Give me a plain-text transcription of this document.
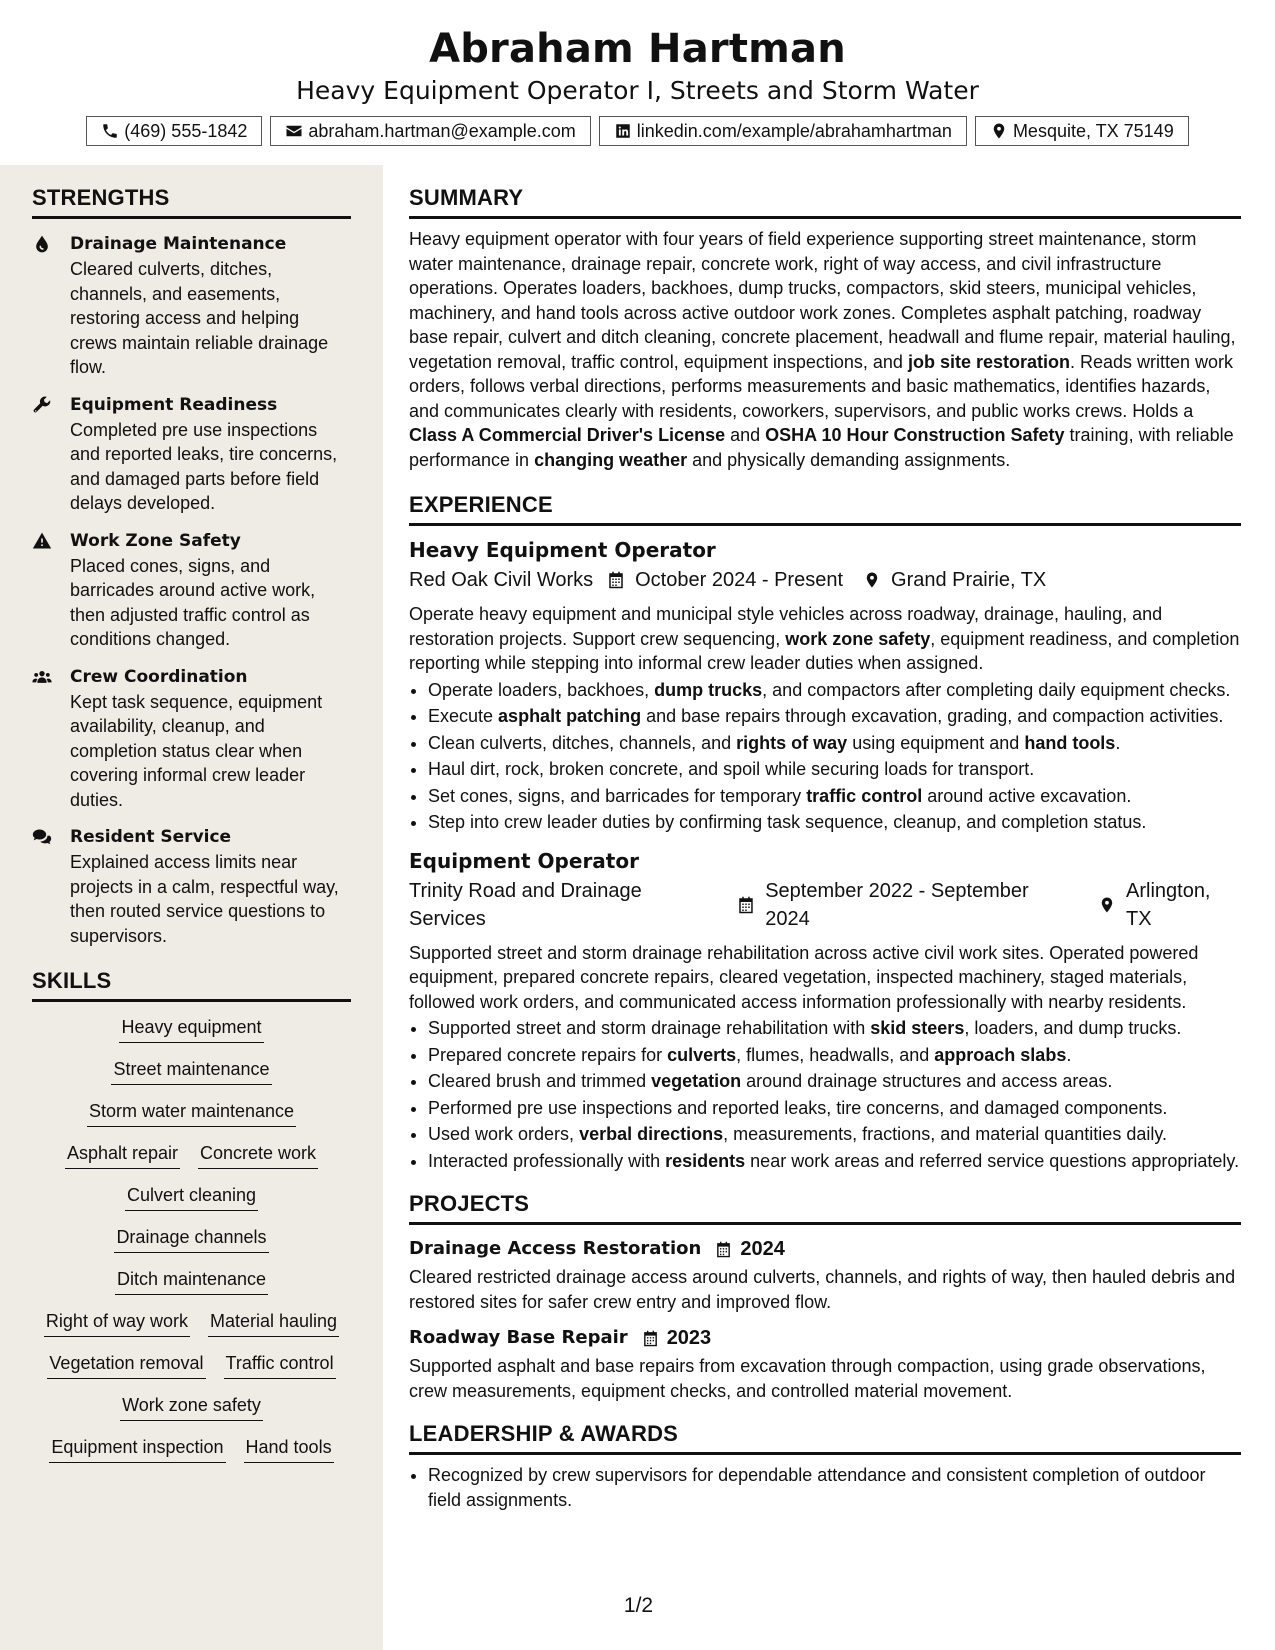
Abraham Hartman
Heavy Equipment Operator I, Streets and Storm Water
(469) 555-1842	abraham.hartman@example.com	linkedin.com/example/abrahamhartman	Mesquite, TX 75149
STRENGTHS
Drainage Maintenance
Cleared culverts, ditches, channels, and easements, restoring access and helping crews maintain reliable drainage flow.
Equipment Readiness
Completed pre use inspections and reported leaks, tire concerns, and damaged parts before field delays developed.
Work Zone Safety
Placed cones, signs, and barricades around active work, then adjusted traffic control as conditions changed.
Crew Coordination
Kept task sequence, equipment availability, cleanup, and completion status clear when covering informal crew leader duties.
Resident Service
Explained access limits near projects in a calm, respectful way, then routed service questions to supervisors.
SKILLS
Heavy equipment
Street maintenance
Storm water maintenance
Asphalt repair Concrete work
Culvert cleaning
Drainage channels
Ditch maintenance
Right of way work Material hauling
Vegetation removal Traffic control
Work zone safety
Equipment inspection Hand tools
SUMMARY

Heavy equipment operator with four years of field experience supporting street maintenance, storm water maintenance, drainage repair, concrete work, right of way access, and civil infrastructure operations. Operates loaders, backhoes, dump trucks, compactors, skid steers, municipal vehicles, machinery, and hand tools across active outdoor work zones. Completes asphalt patching, roadway base repair, culvert and ditch cleaning, concrete placement, headwall and flume repair, material hauling, vegetation removal, traffic control, equipment inspections, and job site restoration. Reads written work orders, follows verbal directions, performs measurements and basic mathematics, identifies hazards, and communicates clearly with residents, coworkers, supervisors, and public works crews. Holds a Class A Commercial Driver's License and OSHA 10 Hour Construction Safety training, with reliable performance in changing weather and physically demanding assignments.

EXPERIENCE
Heavy Equipment Operator
Red Oak Civil Works October 2024 - Present Grand Prairie, TX

Operate heavy equipment and municipal style vehicles across roadway, drainage, hauling, and restoration projects. Support crew sequencing, work zone safety, equipment readiness, and completion reporting while stepping into informal crew leader duties when assigned.

• Operate loaders, backhoes, dump trucks, and compactors after completing daily equipment checks.
• Execute asphalt patching and base repairs through excavation, grading, and compaction activities.
• Clean culverts, ditches, channels, and rights of way using equipment and hand tools.
• Haul dirt, rock, broken concrete, and spoil while securing loads for transport.
• Set cones, signs, and barricades for temporary traffic control around active excavation.
• Step into crew leader duties by confirming task sequence, cleanup, and completion status.
Equipment Operator
Trinity Road and Drainage Services
September 2022 - September 2024
Arlington, TX

Supported street and storm drainage rehabilitation across active civil work sites. Operated powered equipment, prepared concrete repairs, cleared vegetation, inspected machinery, staged materials, followed work orders, and communicated access information professionally with nearby residents.

• Supported street and storm drainage rehabilitation with skid steers, loaders, and dump trucks.
• Prepared concrete repairs for culverts, flumes, headwalls, and approach slabs.
• Cleared brush and trimmed vegetation around drainage structures and access areas.
• Performed pre use inspections and reported leaks, tire concerns, and damaged components.
• Used work orders, verbal directions, measurements, fractions, and material quantities daily.
• Interacted professionally with residents near work areas and referred service questions appropriately.
PROJECTS
Drainage Access Restoration 2024

Cleared restricted drainage access around culverts, channels, and rights of way, then hauled debris and restored sites for safer crew entry and improved flow.

Roadway Base Repair 2023

Supported asphalt and base repairs from excavation through compaction, using grade observations, crew measurements, equipment checks, and controlled material movement.

LEADERSHIP & AWARDS
• Recognized by crew supervisors for dependable attendance and consistent completion of outdoor field assignments.
1/2
